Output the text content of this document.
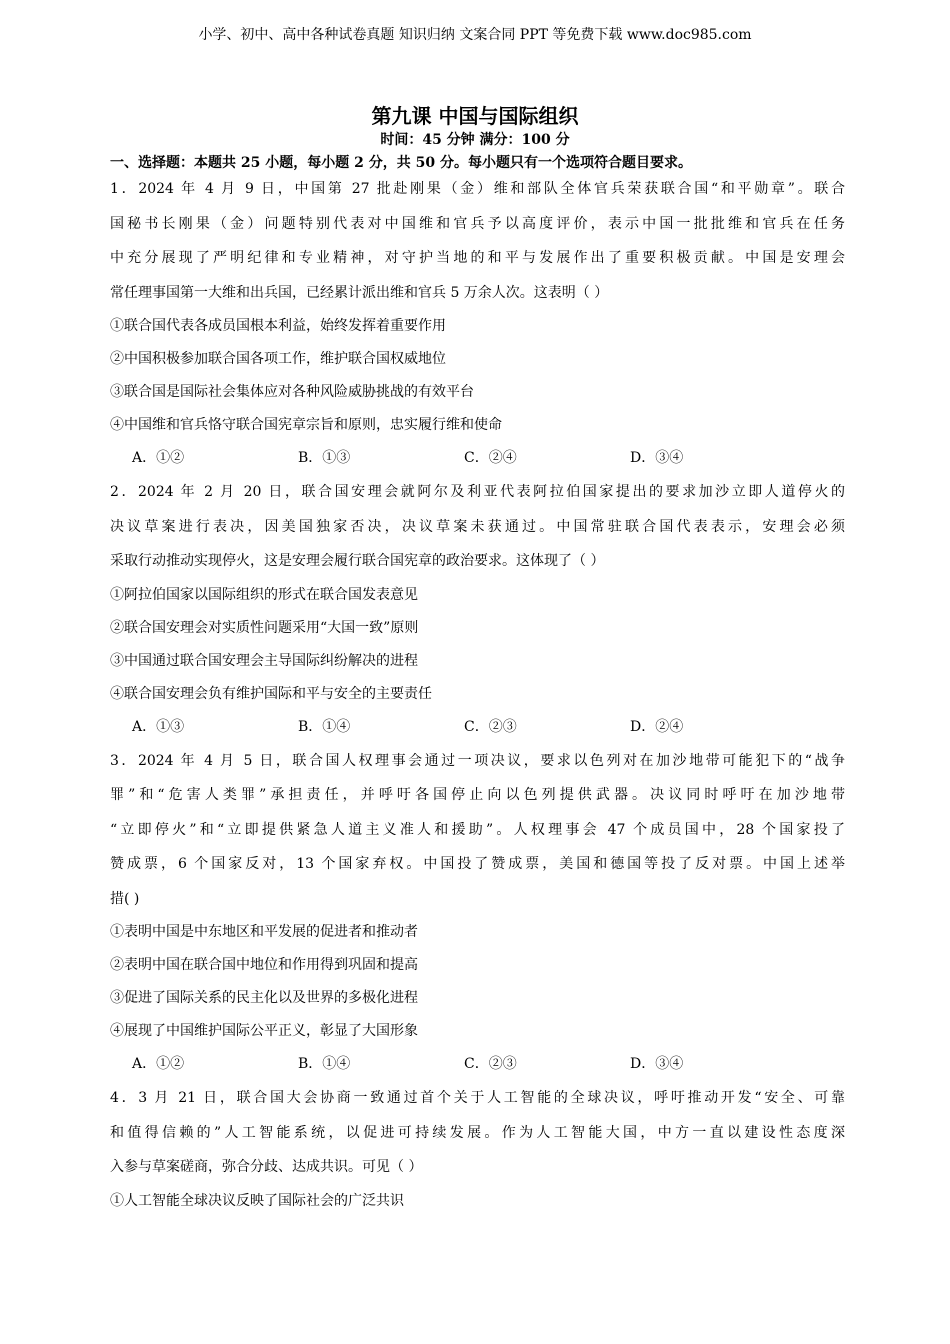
小学、初中、高中各种试卷真题 知识归纳 文案合同 PPT 等免费下载 www.doc985.com
第九课 中国与国际组织
时间：45 分钟 满分：100 分
一、选择题：本题共 25 小题，每小题 2 分，共 50 分。每小题只有一个选项符合题目要求。
1．2024 年 4 月 9 日，中国第 27 批赴刚果（金）维和部队全体官兵荣获联合国“和平勋章”。联合
国秘书长刚果（金）问题特别代表对中国维和官兵予以高度评价，表示中国一批批维和官兵在任务
中充分展现了严明纪律和专业精神，对守护当地的和平与发展作出了重要积极贡献。中国是安理会
常任理事国第一大维和出兵国，已经累计派出维和官兵 5 万余人次。这表明（ ）
①联合国代表各成员国根本利益，始终发挥着重要作用
②中国积极参加联合国各项工作，维护联合国权威地位
③联合国是国际社会集体应对各种风险威胁挑战的有效平台
④中国维和官兵恪守联合国宪章宗旨和原则，忠实履行维和使命
A．①②	B．①③	C．②④	D．③④
2．2024 年 2 月 20 日，联合国安理会就阿尔及利亚代表阿拉伯国家提出的要求加沙立即人道停火的
决议草案进行表决，因美国独家否决，决议草案未获通过。中国常驻联合国代表表示，安理会必须
采取行动推动实现停火，这是安理会履行联合国宪章的政治要求。这体现了（ ）
①阿拉伯国家以国际组织的形式在联合国发表意见
②联合国安理会对实质性问题采用“大国一致”原则
③中国通过联合国安理会主导国际纠纷解决的进程
④联合国安理会负有维护国际和平与安全的主要责任
A．①③	B．①④	C．②③	D．②④
3．2024 年 4 月 5 日，联合国人权理事会通过一项决议，要求以色列对在加沙地带可能犯下的“战争
罪”和“危害人类罪”承担责任，并呼吁各国停止向以色列提供武器。决议同时呼吁在加沙地带
“立即停火”和“立即提供紧急人道主义准人和援助”。人权理事会 47 个成员国中，28 个国家投了
赞成票，6 个国家反对，13 个国家弃权。中国投了赞成票，美国和德国等投了反对票。中国上述举
措( )
①表明中国是中东地区和平发展的促进者和推动者
②表明中国在联合国中地位和作用得到巩固和提高
③促进了国际关系的民主化以及世界的多极化进程
④展现了中国维护国际公平正义，彰显了大国形象
A．①②	B．①④	C．②③	D．③④
4．3 月 21 日，联合国大会协商一致通过首个关于人工智能的全球决议，呼吁推动开发“安全、可靠
和值得信赖的”人工智能系统，以促进可持续发展。作为人工智能大国，中方一直以建设性态度深
入参与草案磋商，弥合分歧、达成共识。可见（ ）
①人工智能全球决议反映了国际社会的广泛共识
